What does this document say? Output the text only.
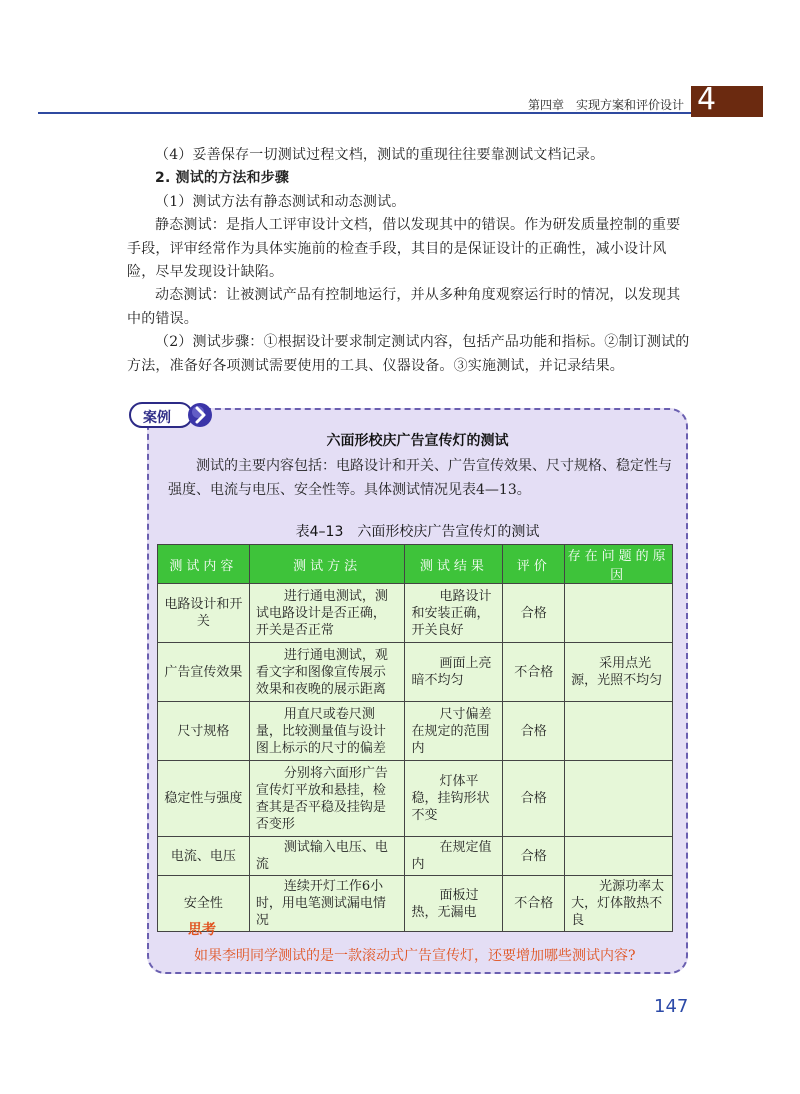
第四章　实现方案和评价设计 4

（4）妥善保存一切测试过程文档，测试的重现往往要靠测试文档记录。

2. 测试的方法和步骤

（1）测试方法有静态测试和动态测试。

静态测试：是指人工评审设计文档，借以发现其中的错误。作为研发质量控制的重要手段，评审经常作为具体实施前的检查手段，其目的是保证设计的正确性，减小设计风险，尽早发现设计缺陷。

动态测试：让被测试产品有控制地运行，并从多种角度观察运行时的情况，以发现其中的错误。

（2）测试步骤：①根据设计要求制定测试内容，包括产品功能和指标。②制订测试的方法，准备好各项测试需要使用的工具、仪器设备。③实施测试，并记录结果。

案例
六面形校庆广告宣传灯的测试

测试的主要内容包括：电路设计和开关、广告宣传效果、尺寸规格、稳定性与强度、电流与电压、安全性等。具体测试情况见表4—13。

表4–13　六面形校庆广告宣传灯的测试
测试内容	测试方法	测试结果	评价	存在问题的原因
电路设计和开关	进行通电测试，测试电路设计是否正确，开关是否正常	电路设计和安装正确，开关良好	合格	
广告宣传效果	进行通电测试，观看文字和图像宣传展示效果和夜晚的展示距离	画面上亮暗不均匀	不合格	采用点光源，光照不均匀
尺寸规格	用直尺或卷尺测量，比较测量值与设计图上标示的尺寸的偏差	尺寸偏差在规定的范围内	合格	
稳定性与强度	分别将六面形广告宣传灯平放和悬挂，检查其是否平稳及挂钩是否变形	灯体平稳，挂钩形状不变	合格	
电流、电压	测试输入电压、电流	在规定值内	合格	
安全性	连续开灯工作6小时，用电笔测试漏电情况	面板过热，无漏电	不合格	光源功率太大，灯体散热不良
思考
如果李明同学测试的是一款滚动式广告宣传灯，还要增加哪些测试内容?
147
